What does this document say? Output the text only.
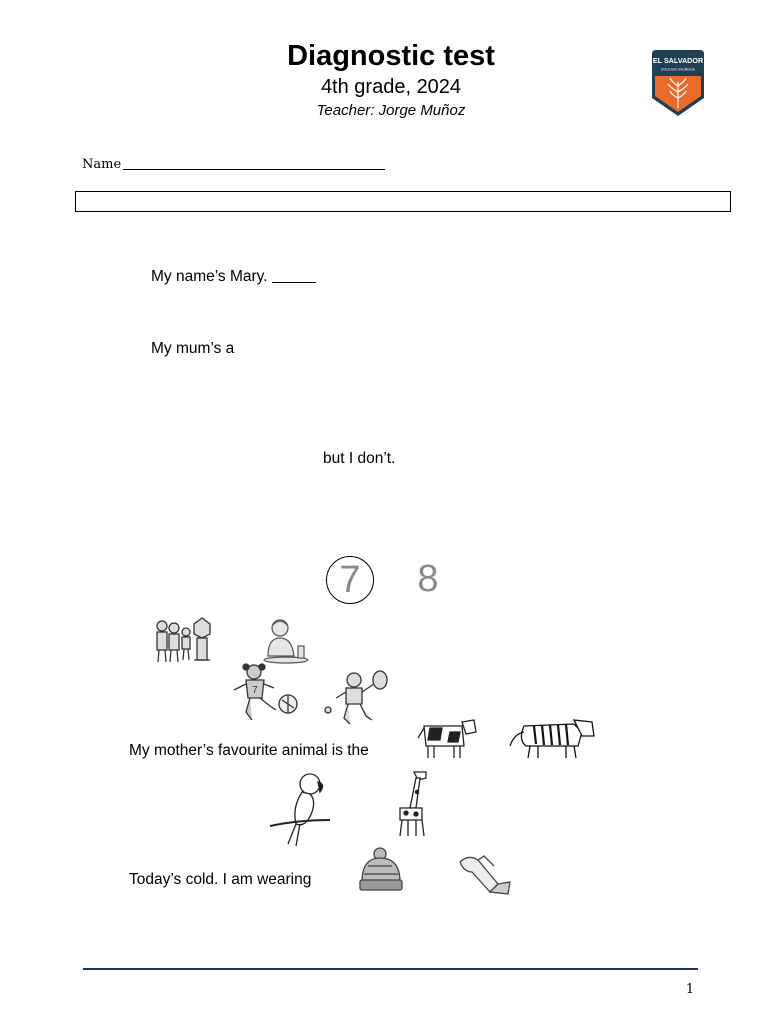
Diagnostic test
4th grade, 2024
Teacher: Jorge Muñoz
EL SALVADOR
COLEGIO BILINGÜE
Name
My name’s Mary.
My mum’s a
but I don’t.
7	8
7
My mother’s favourite animal is the
Today’s cold. I am wearing
1
